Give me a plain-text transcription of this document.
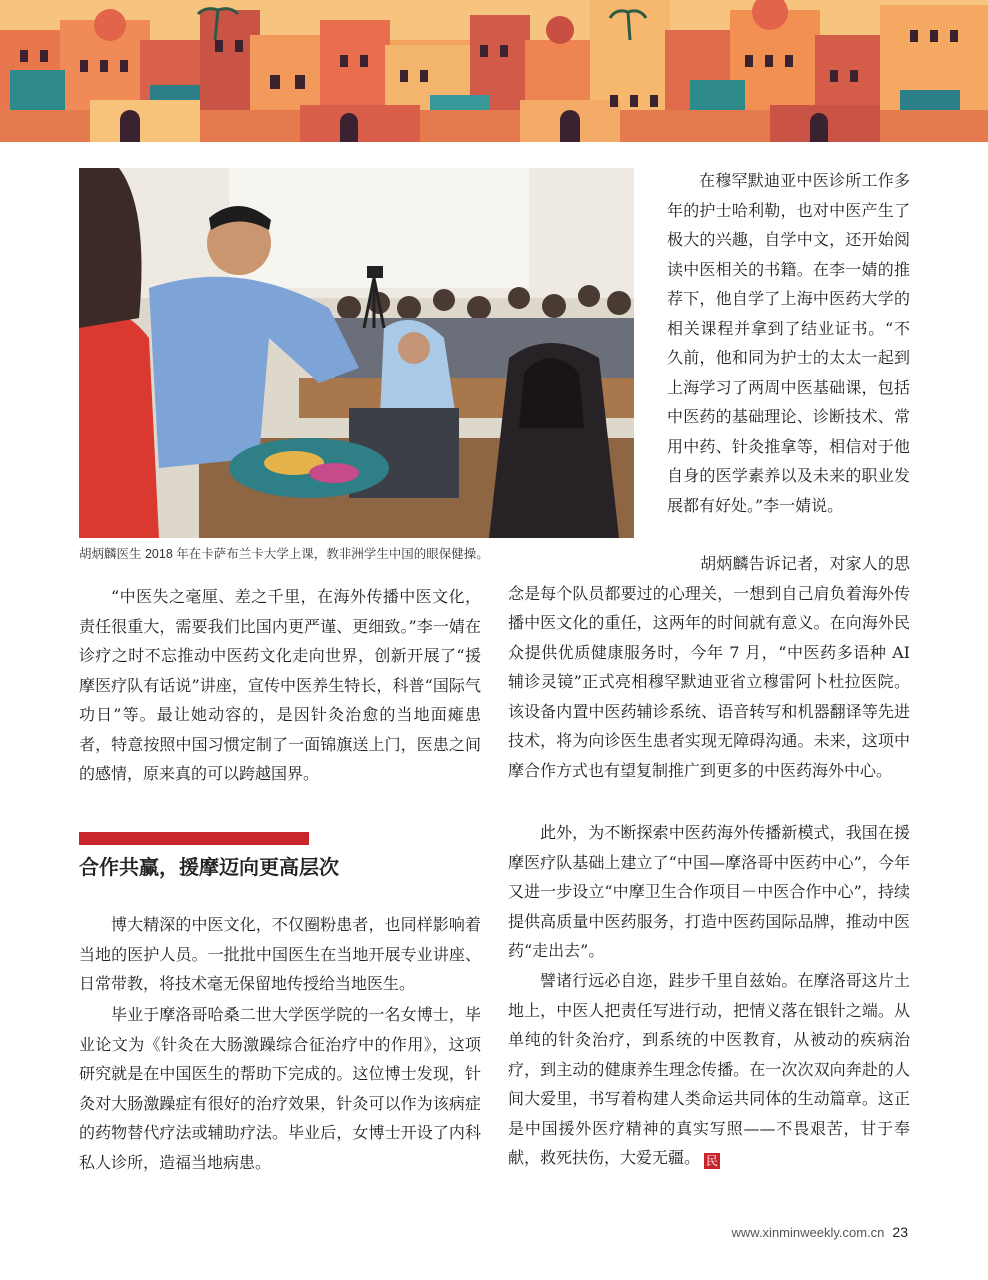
胡炳麟医生 2018 年在卡萨布兰卡大学上课，教非洲学生中国的眼保健操。

在穆罕默迪亚中医诊所工作多年的护士哈利勒，也对中医产生了极大的兴趣，自学中文，还开始阅读中医相关的书籍。在李一婧的推荐下，他自学了上海中医药大学的相关课程并拿到了结业证书。“不久前，他和同为护士的太太一起到上海学习了两周中医基础课，包括中医药的基础理论、诊断技术、常用中药、针灸推拿等，相信对于他自身的医学素养以及未来的职业发展都有好处。”李一婧说。

胡炳麟告诉记者，对家人的思念是每个队员都要过的心理关，一想到自己肩负着海外传播中医文化的重任，这两年的时间就有意义。在向海外民众提供优质健康服务时，今年 7 月，“中医药多语种 AI 辅诊灵镜”正式亮相穆罕默迪亚省立穆雷阿卜杜拉医院。该设备内置中医药辅诊系统、语音转写和机器翻译等先进技术，将为向诊医生患者实现无障碍沟通。未来，这项中摩合作方式也有望复制推广到更多的中医药海外中心。

此外，为不断探索中医药海外传播新模式，我国在援摩医疗队基础上建立了“中国—摩洛哥中医药中心”，今年又进一步设立“中摩卫生合作项目－中医合作中心”，持续提供高质量中医药服务，打造中医药国际品牌，推动中医药“走出去”。

譬诸行远必自迩，跬步千里自兹始。在摩洛哥这片土地上，中医人把责任写进行动，把情义落在银针之端。从单纯的针灸治疗，到系统的中医教育，从被动的疾病治疗，到主动的健康养生理念传播。在一次次双向奔赴的人间大爱里，书写着构建人类命运共同体的生动篇章。这正是中国援外医疗精神的真实写照——不畏艰苦，甘于奉献，救死扶伤，大爱无疆。 民

“中医失之毫厘、差之千里，在海外传播中医文化，责任很重大，需要我们比国内更严谨、更细致。”李一婧在诊疗之时不忘推动中医药文化走向世界，创新开展了“援摩医疗队有话说”讲座，宣传中医养生特长，科普“国际气功日”等。最让她动容的，是因针灸治愈的当地面瘫患者，特意按照中国习惯定制了一面锦旗送上门，医患之间的感情，原来真的可以跨越国界。

合作共赢，援摩迈向更高层次

博大精深的中医文化，不仅圈粉患者，也同样影响着当地的医护人员。一批批中国医生在当地开展专业讲座、日常带教，将技术毫无保留地传授给当地医生。

毕业于摩洛哥哈桑二世大学医学院的一名女博士，毕业论文为《针灸在大肠激躁综合征治疗中的作用》，这项研究就是在中国医生的帮助下完成的。这位博士发现，针灸对大肠激躁症有很好的治疗效果，针灸可以作为该病症的药物替代疗法或辅助疗法。毕业后，女博士开设了内科私人诊所，造福当地病患。

www.xinminweekly.com.cn 23
